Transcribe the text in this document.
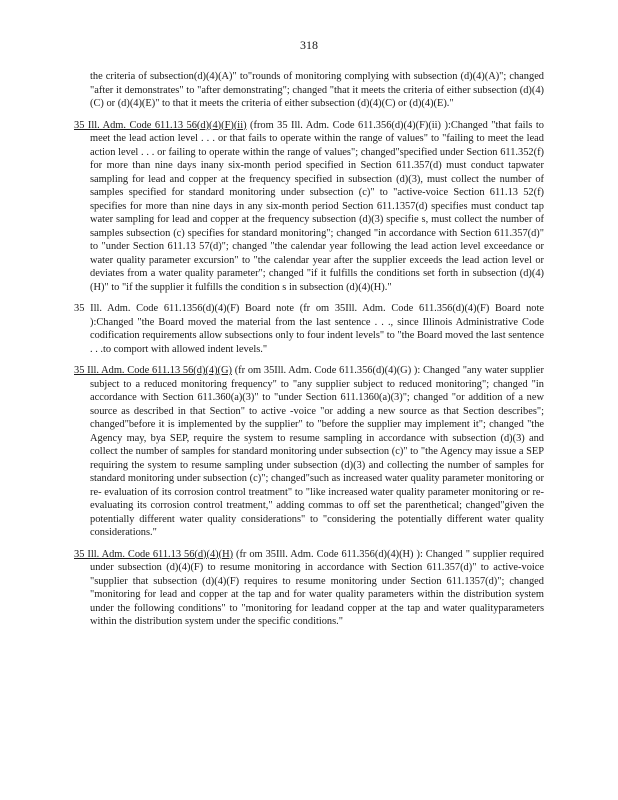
318

the criteria of subsection(d)(4)(A)" to"rounds of monitoring complying with subsection (d)(4)(A)"; changed "after it demonstrates" to "after demonstrating"; changed "that it meets the criteria of either subsection (d)(4)(C) or (d)(4)(E)" to that it meets the criteria of either subsection (d)(4)(C) or (d)(4)(E)."

35 Ill. Adm. Code 611.13 56(d)(4)(F)(ii) (from 35 Ill. Adm. Code 611.356(d)(4)(F)(ii) ):Changed "that fails to meet the lead action level . . . or that fails to operate within the range of values" to "failing to meet the lead action level . . . or failing to operate within the range of values"; changed"specified under Section 611.352(f) for more than nine days inany six-month period specified in Section 611.357(d) must conduct tapwater sampling for lead and copper at the frequency specified in subsection (d)(3), must collect the number of samples specified for standard monitoring under subsection (c)" to "active-voice Section 611.13 52(f) specifies for more than nine days in any six-month period Section 611.1357(d) specifies must conduct tap water sampling for lead and copper at the frequency subsection (d)(3) specifie s, must collect the number of samples subsection (c) specifies for standard monitoring"; changed "in accordance with Section 611.357(d)" to "under Section 611.13 57(d)"; changed "the calendar year following the lead action level exceedance or water quality parameter excursion" to "the calendar year after the supplier exceeds the lead action level or deviates from a water quality parameter"; changed "if it fulfills the conditions set forth in subsection (d)(4)(H)" to "if the supplier it fulfills the condition s in subsection (d)(4)(H)."

35 Ill. Adm. Code 611.1356(d)(4)(F) Board note (fr om 35Ill. Adm. Code 611.356(d)(4)(F) Board note ):Changed "the Board moved the material from the last sentence . . ., since Illinois Administrative Code codification requirements allow subsections only to four indent levels" to "the Board moved the last sentence . . .to comport with allowed indent levels."

35 Ill. Adm. Code 611.13 56(d)(4)(G) (fr om 35Ill. Adm. Code 611.356(d)(4)(G) ): Changed "any water supplier subject to a reduced monitoring frequency" to "any supplier subject to reduced monitoring"; changed "in accordance with Section 611.360(a)(3)" to "under Section 611.1360(a)(3)"; changed "or addition of a new source as described in that Section" to active -voice "or adding a new source as that Section describes"; changed"before it is implemented by the supplier" to "before the supplier may implement it"; changed "the Agency may, bya SEP, require the system to resume sampling in accordance with subsection (d)(3) and collect the number of samples for standard monitoring under subsection (c)" to "the Agency may issue a SEP requiring the system to resume sampling under subsection (d)(3) and collecting the number of samples for standard monitoring under subsection (c)"; changed"such as increased water quality parameter monitoring or re- evaluation of its corrosion control treatment" to "like increased water quality parameter monitoring or re-evaluating its corrosion control treatment," adding commas to off set the parenthetical; changed"given the potentially different water quality considerations" to "considering the potentially different water quality considerations."

35 Ill. Adm. Code 611.13 56(d)(4)(H) (fr om 35Ill. Adm. Code 611.356(d)(4)(H) ): Changed " supplier required under subsection (d)(4)(F) to resume monitoring in accordance with Section 611.357(d)" to active-voice "supplier that subsection (d)(4)(F) requires to resume monitoring under Section 611.1357(d)"; changed "monitoring for lead and copper at the tap and for water quality parameters within the distribution system under the following conditions" to "monitoring for leadand copper at the tap and water qualityparameters within the distribution system under the specific conditions."
